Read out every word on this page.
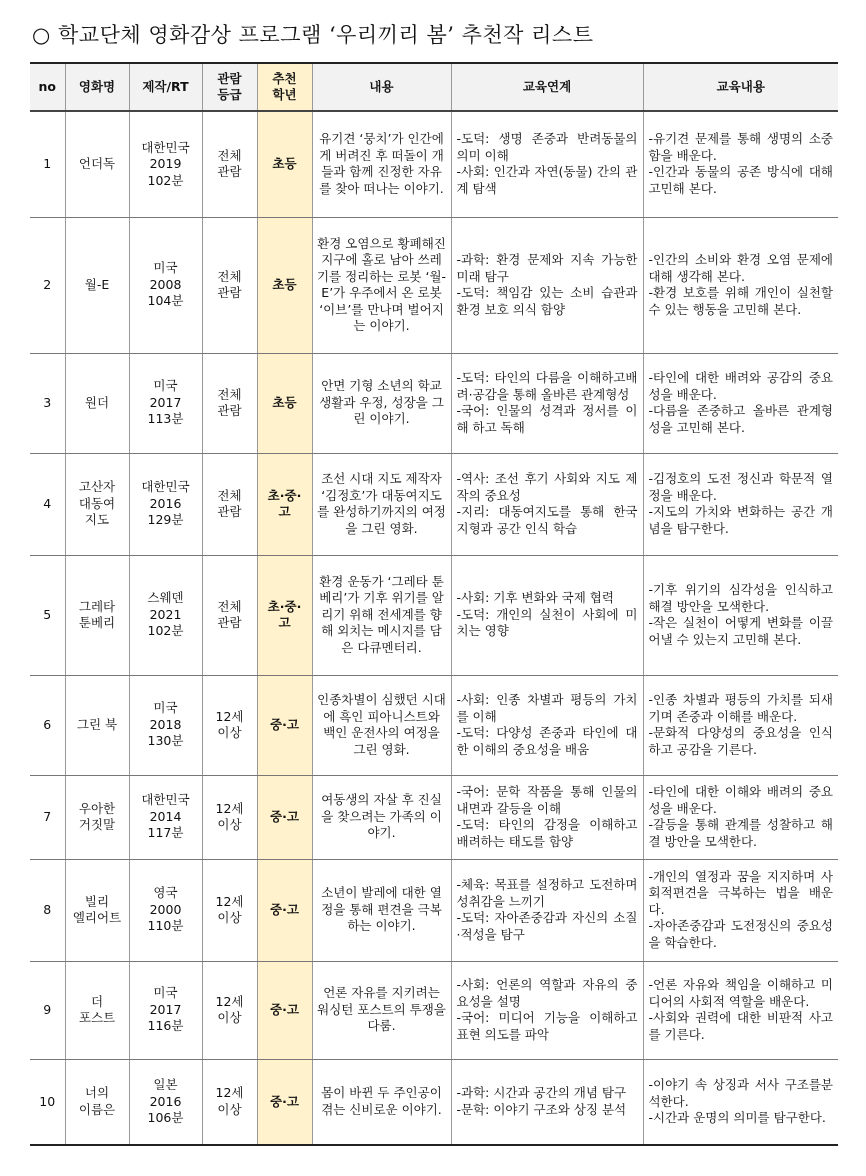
○ 학교단체 영화감상 프로그램 ‘우리끼리 봄’ 추천작 리스트
no	영화명	제작/RT	관람
등급	추천
학년	내용	교육연계	교육내용
1	언더독	대한민국
2019
102분	전체
관람	초등	유기견 ‘뭉치’가 인간에게 버려진 후 떠돌이 개들과 함께 진정한 자유를 찾아 떠나는 이야기.	-도덕: 생명 존중과 반려동물의 의미 이해
-사회: 인간과 자연(동물) 간의 관계 탐색	-유기견 문제를 통해 생명의 소중함을 배운다.
-인간과 동물의 공존 방식에 대해 고민해 본다.

2	월-E	미국
2008
104분	전체
관람	초등	환경 오염으로 황폐해진 지구에 홀로 남아 쓰레기를 정리하는 로봇 ‘월-E’가 우주에서 온 로봇 ‘이브’를 만나며 벌어지는 이야기.	-과학: 환경 문제와 지속 가능한 미래 탐구
-도덕: 책임감 있는 소비 습관과 환경 보호 의식 함양	-인간의 소비와 환경 오염 문제에 대해 생각해 본다.
-환경 보호를 위해 개인이 실천할 수 있는 행동을 고민해 본다.

3	원더	미국
2017
113분	전체
관람	초등	안면 기형 소년의 학교 생활과 우정, 성장을 그린 이야기.	-도덕: 타인의 다름을 이해하고배려·공감을 통해 올바른 관계형성
-국어: 인물의 성격과 정서를 이해 하고 독해	-타인에 대한 배려와 공감의 중요성을 배운다.
-다름을 존중하고 올바른 관계형성을 고민해 본다.

4	고산자
대동여
지도	대한민국
2016
129분	전체
관람	초·중·
고	조선 시대 지도 제작자 ‘김정호’가 대동여지도를 완성하기까지의 여정을 그린 영화.	-역사: 조선 후기 사회와 지도 제작의 중요성
-지리: 대동여지도를 통해 한국 지형과 공간 인식 학습	-김정호의 도전 정신과 학문적 열정을 배운다.
-지도의 가치와 변화하는 공간 개념을 탐구한다.

5	그레타
툰베리	스웨덴
2021
102분	전체
관람	초·중·
고	환경 운동가 ‘그레타 툰베리’가 기후 위기를 알리기 위해 전세계를 향해 외치는 메시지를 담은 다큐멘터리.	-사회: 기후 변화와 국제 협력
-도덕: 개인의 실천이 사회에 미치는 영향	-기후 위기의 심각성을 인식하고 해결 방안을 모색한다.
-작은 실천이 어떻게 변화를 이끌어낼 수 있는지 고민해 본다.

6	그린 북	미국
2018
130분	12세
이상	중·고	인종차별이 심했던 시대에 흑인 피아니스트와 백인 운전사의 여정을 그린 영화.	-사회: 인종 차별과 평등의 가치를 이해
-도덕: 다양성 존중과 타인에 대한 이해의 중요성을 배움	-인종 차별과 평등의 가치를 되새기며 존중과 이해를 배운다.
-문화적 다양성의 중요성을 인식하고 공감을 기른다.

7	우아한
거짓말	대한민국
2014
117분	12세
이상	중·고	여동생의 자살 후 진실을 찾으려는 가족의 이야기.	-국어: 문학 작품을 통해 인물의 내면과 갈등을 이해
-도덕: 타인의 감정을 이해하고 배려하는 태도를 함양	-타인에 대한 이해와 배려의 중요성을 배운다.
-갈등을 통해 관계를 성찰하고 해결 방안을 모색한다.

8	빌리
엘리어트	영국
2000
110분	12세
이상	중·고	소년이 발레에 대한 열정을 통해 편견을 극복하는 이야기.	-체육: 목표를 설정하고 도전하며 성취감을 느끼기
-도덕: 자아존중감과 자신의 소질·적성을 탐구	-개인의 열정과 꿈을 지지하며 사회적편견을 극복하는 법을 배운다.
-자아존중감과 도전정신의 중요성을 학습한다.

9	더
포스트	미국
2017
116분	12세
이상	중·고	언론 자유를 지키려는 워싱턴 포스트의 투쟁을 다룸.	-사회: 언론의 역할과 자유의 중요성을 설명
-국어: 미디어 기능을 이해하고 표현 의도를 파악	-언론 자유와 책임을 이해하고 미디어의 사회적 역할을 배운다.
-사회와 권력에 대한 비판적 사고를 기른다.

10	너의
이름은	일본
2016
106분	12세
이상	중·고	몸이 바뀐 두 주인공이 겪는 신비로운 이야기.	-과학: 시간과 공간의 개념 탐구
-문학: 이야기 구조와 상징 분석	-이야기 속 상징과 서사 구조를분석한다.
-시간과 운명의 의미를 탐구한다.
